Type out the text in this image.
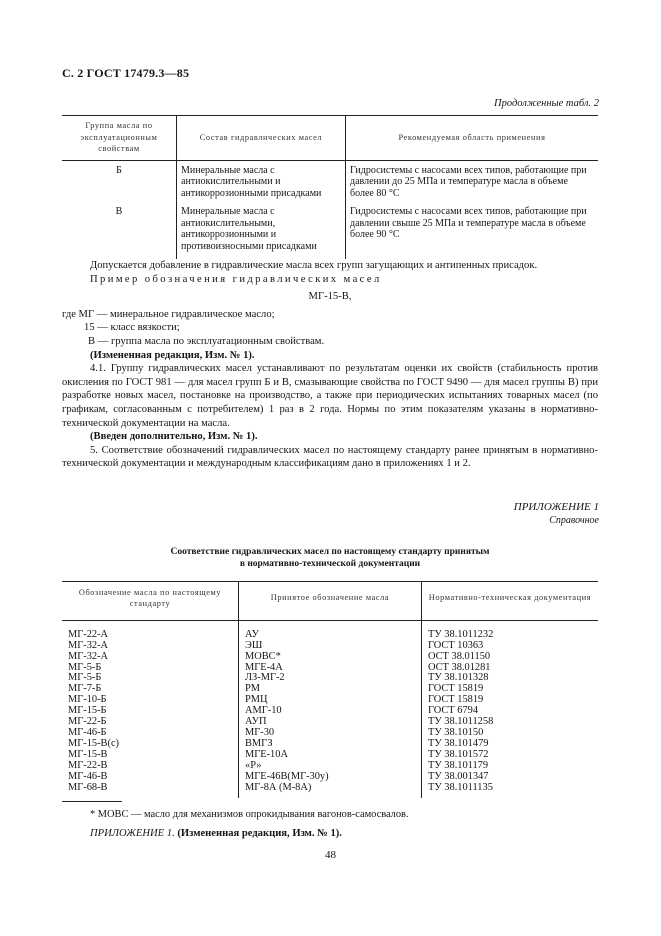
С. 2 ГОСТ 17479.3—85
Продолженные табл. 2
Группа масла по эксплуатационным свойствам	Состав гидравлических масел	Рекомендуемая область применения
Б	Минеральные масла с антиокислительными и антикоррозионными присадками	Гидросистемы с насосами всех типов, работающие при давлении до 25 МПа и температуре масла в объеме более 80 °С
В	Минеральные масла с антиокислительными, антикоррозионными и противоизносными присадками	Гидросистемы с насосами всех типов, работающие при давлении свыше 25 МПа и температуре масла в объеме более 90 °С

Допускается добавление в гидравлические масла всех групп загущающих и антипенных присадок.

Пример обозначения гидравлических масел

МГ-15-В,

где МГ — минеральное гидравлическое масло;

15 — класс вязкости;

В — группа масла по эксплуатационным свойствам.

(Измененная редакция, Изм. № 1).

4.1. Группу гидравлических масел устанавливают по результатам оценки их свойств (стабильность против окисления по ГОСТ 981 — для масел групп Б и В, смазывающие свойства по ГОСТ 9490 — для масел группы В) при разработке новых масел, постановке на производство, а также при периодических испытаниях товарных масел (по графикам, согласованным с потребителем) 1 раз в 2 года. Нормы по этим показателям указаны в нормативно-технической документации на масла.

(Введен дополнительно, Изм. № 1).

5. Соответствие обозначений гидравлических масел по настоящему стандарту ранее принятым в нормативно-технической документации и международным классификациям дано в приложениях 1 и 2.

ПРИЛОЖЕНИЕ 1
Справочное
Соответствие гидравлических масел по настоящему стандарту принятым
в нормативно-технической документации
Обозначение масла по настоящему стандарту	Принятое обозначение масла	Нормативно-техническая документация
МГ-22-А	АУ	ТУ 38.1011232
МГ-32-А	ЭШ	ГОСТ 10363
МГ-32-А	МОВС*	ОСТ 38.01150
МГ-5-Б	МГЕ-4А	ОСТ 38.01281
МГ-5-Б	ЛЗ-МГ-2	ТУ 38.101328
МГ-7-Б	РМ	ГОСТ 15819
МГ-10-Б	РМЦ	ГОСТ 15819
МГ-15-Б	АМГ-10	ГОСТ 6794
МГ-22-Б	АУП	ТУ 38.1011258
МГ-46-Б	МГ-30	ТУ 38.10150
МГ-15-В(с)	ВМГЗ	ТУ 38.101479
МГ-15-В	МГЕ-10А	ТУ 38.101572
МГ-22-В	«Р»	ТУ 38.101179
МГ-46-В	МГЕ-46В(МГ-30у)	ТУ 38.001347
МГ-68-В	МГ-8А (М-8А)	ТУ 38.1011135
* МОВС — масло для механизмов опрокидывания вагонов-самосвалов.
ПРИЛОЖЕНИЕ 1. (Измененная редакция, Изм. № 1).
48
